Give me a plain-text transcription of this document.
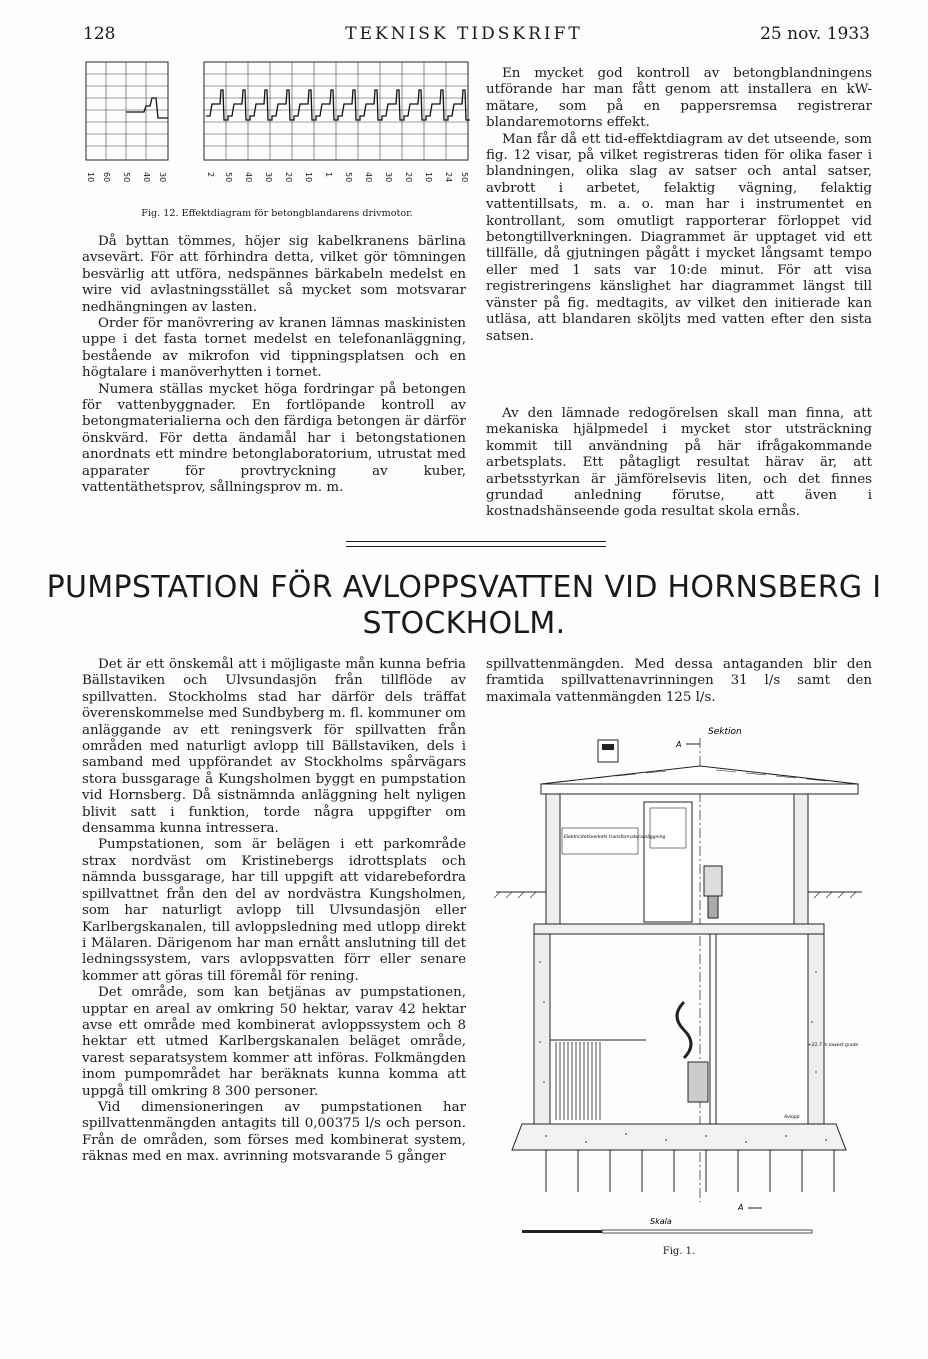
128	TEKNISK TIDSKRIFT	25 nov. 1933
10 60 50 40 30	2 50 40 30 20 10 1 50 40 30 20 10 24 50
Fig. 12. Effektdiagram för betongblandarens drivmotor.

Då byttan tömmes, höjer sig kabelkranens bärlina avsevärt. För att förhindra detta, vilket gör tömningen besvärlig att utföra, nedspännes bärkabeln medelst en wire vid avlastningsstället så mycket som motsvarar nedhängningen av lasten.

Order för manövrering av kranen lämnas maskinisten uppe i det fasta tornet medelst en telefonanläggning, bestående av mikrofon vid tippningsplatsen och en högtalare i manöverhytten i tornet.

Numera ställas mycket höga fordringar på betongen för vattenbyggnader. En fortlöpande kontroll av betongmaterialierna och den färdiga betongen är därför önskvärd. För detta ändamål har i betongstationen anordnats ett mindre betonglaboratorium, utrustat med apparater för provtryckning av kuber, vattentäthetsprov, sållningsprov m. m.

En mycket god kontroll av betongblandningens utförande har man fått genom att installera en kW-mätare, som på en pappersremsa registrerar blandaremotorns effekt.

Man får då ett tid-effektdiagram av det utseende, som fig. 12 visar, på vilket registreras tiden för olika faser i blandningen, olika slag av satser och antal satser, avbrott i arbetet, felaktig vägning, felaktig vattentillsats, m. a. o. man har i instrumentet en kontrollant, som omutligt rapporterar förloppet vid betongtillverkningen. Diagrammet är upptaget vid ett tillfälle, då gjutningen pågått i mycket långsamt tempo eller med 1 sats var 10:de minut. För att visa registreringens känslighet har diagrammet längst till vänster på fig. medtagits, av vilket den initierade kan utläsa, att blandaren sköljts med vatten efter den sista satsen.

Av den lämnade redogörelsen skall man finna, att mekaniska hjälpmedel i mycket stor utsträckning kommit till användning på här ifrågakommande arbetsplats. Ett påtagligt resultat härav är, att arbetsstyrkan är jämförelsevis liten, och det finnes grundad anledning förutse, att även i kostnadshänseende goda resultat skola ernås.

PUMPSTATION FÖR AVLOPPSVATTEN VID HORNSBERG I STOCKHOLM.

Det är ett önskemål att i möjligaste mån kunna befria Bällstaviken och Ulvsundasjön från tillflöde av spillvatten. Stockholms stad har därför dels träffat överenskommelse med Sundbyberg m. fl. kommuner om anläggande av ett reningsverk för spillvatten från områden med naturligt avlopp till Bällstaviken, dels i samband med uppförandet av Stockholms spårvägars stora bussgarage å Kungsholmen byggt en pumpstation vid Hornsberg. Då sistnämnda anläggning helt nyligen blivit satt i funktion, torde några uppgifter om densamma kunna intressera.

Pumpstationen, som är belägen i ett parkområde strax nordväst om Kristinebergs idrottsplats och nämnda bussgarage, har till uppgift att vidarebefordra spillvattnet från den del av nordvästra Kungsholmen, som har naturligt avlopp till Ulvsundasjön eller Karlbergskanalen, till avloppsledning med utlopp direkt i Mälaren. Därigenom har man ernått anslutning till det ledningssystem, vars avloppsvatten förr eller senare kommer att göras till föremål för rening.

Det område, som kan betjänas av pumpstationen, upptar en areal av omkring 50 hektar, varav 42 hektar avse ett område med kombinerat avloppssystem och 8 hektar ett utmed Karlbergskanalen beläget område, varest separatsystem kommer att införas. Folkmängden inom pumpområdet har beräknats kunna komma att uppgå till omkring 8 300 personer.

Vid dimensioneringen av pumpstationen har spillvattenmängden antagits till 0,00375 l/s och person. Från de områden, som förses med kombinerat system, räknas med en max. avrinning motsvarande 5 gånger

spillvattenmängden. Med dessa antaganden blir den framtida spillvattenavrinningen 31 l/s samt den maximala vattenmängden 125 l/s.

Sektion
A
Elektricitetsverkets transformatoranläggning
+21,7 m lowest grade
Avlopp
A
Skala
Fig. 1.
